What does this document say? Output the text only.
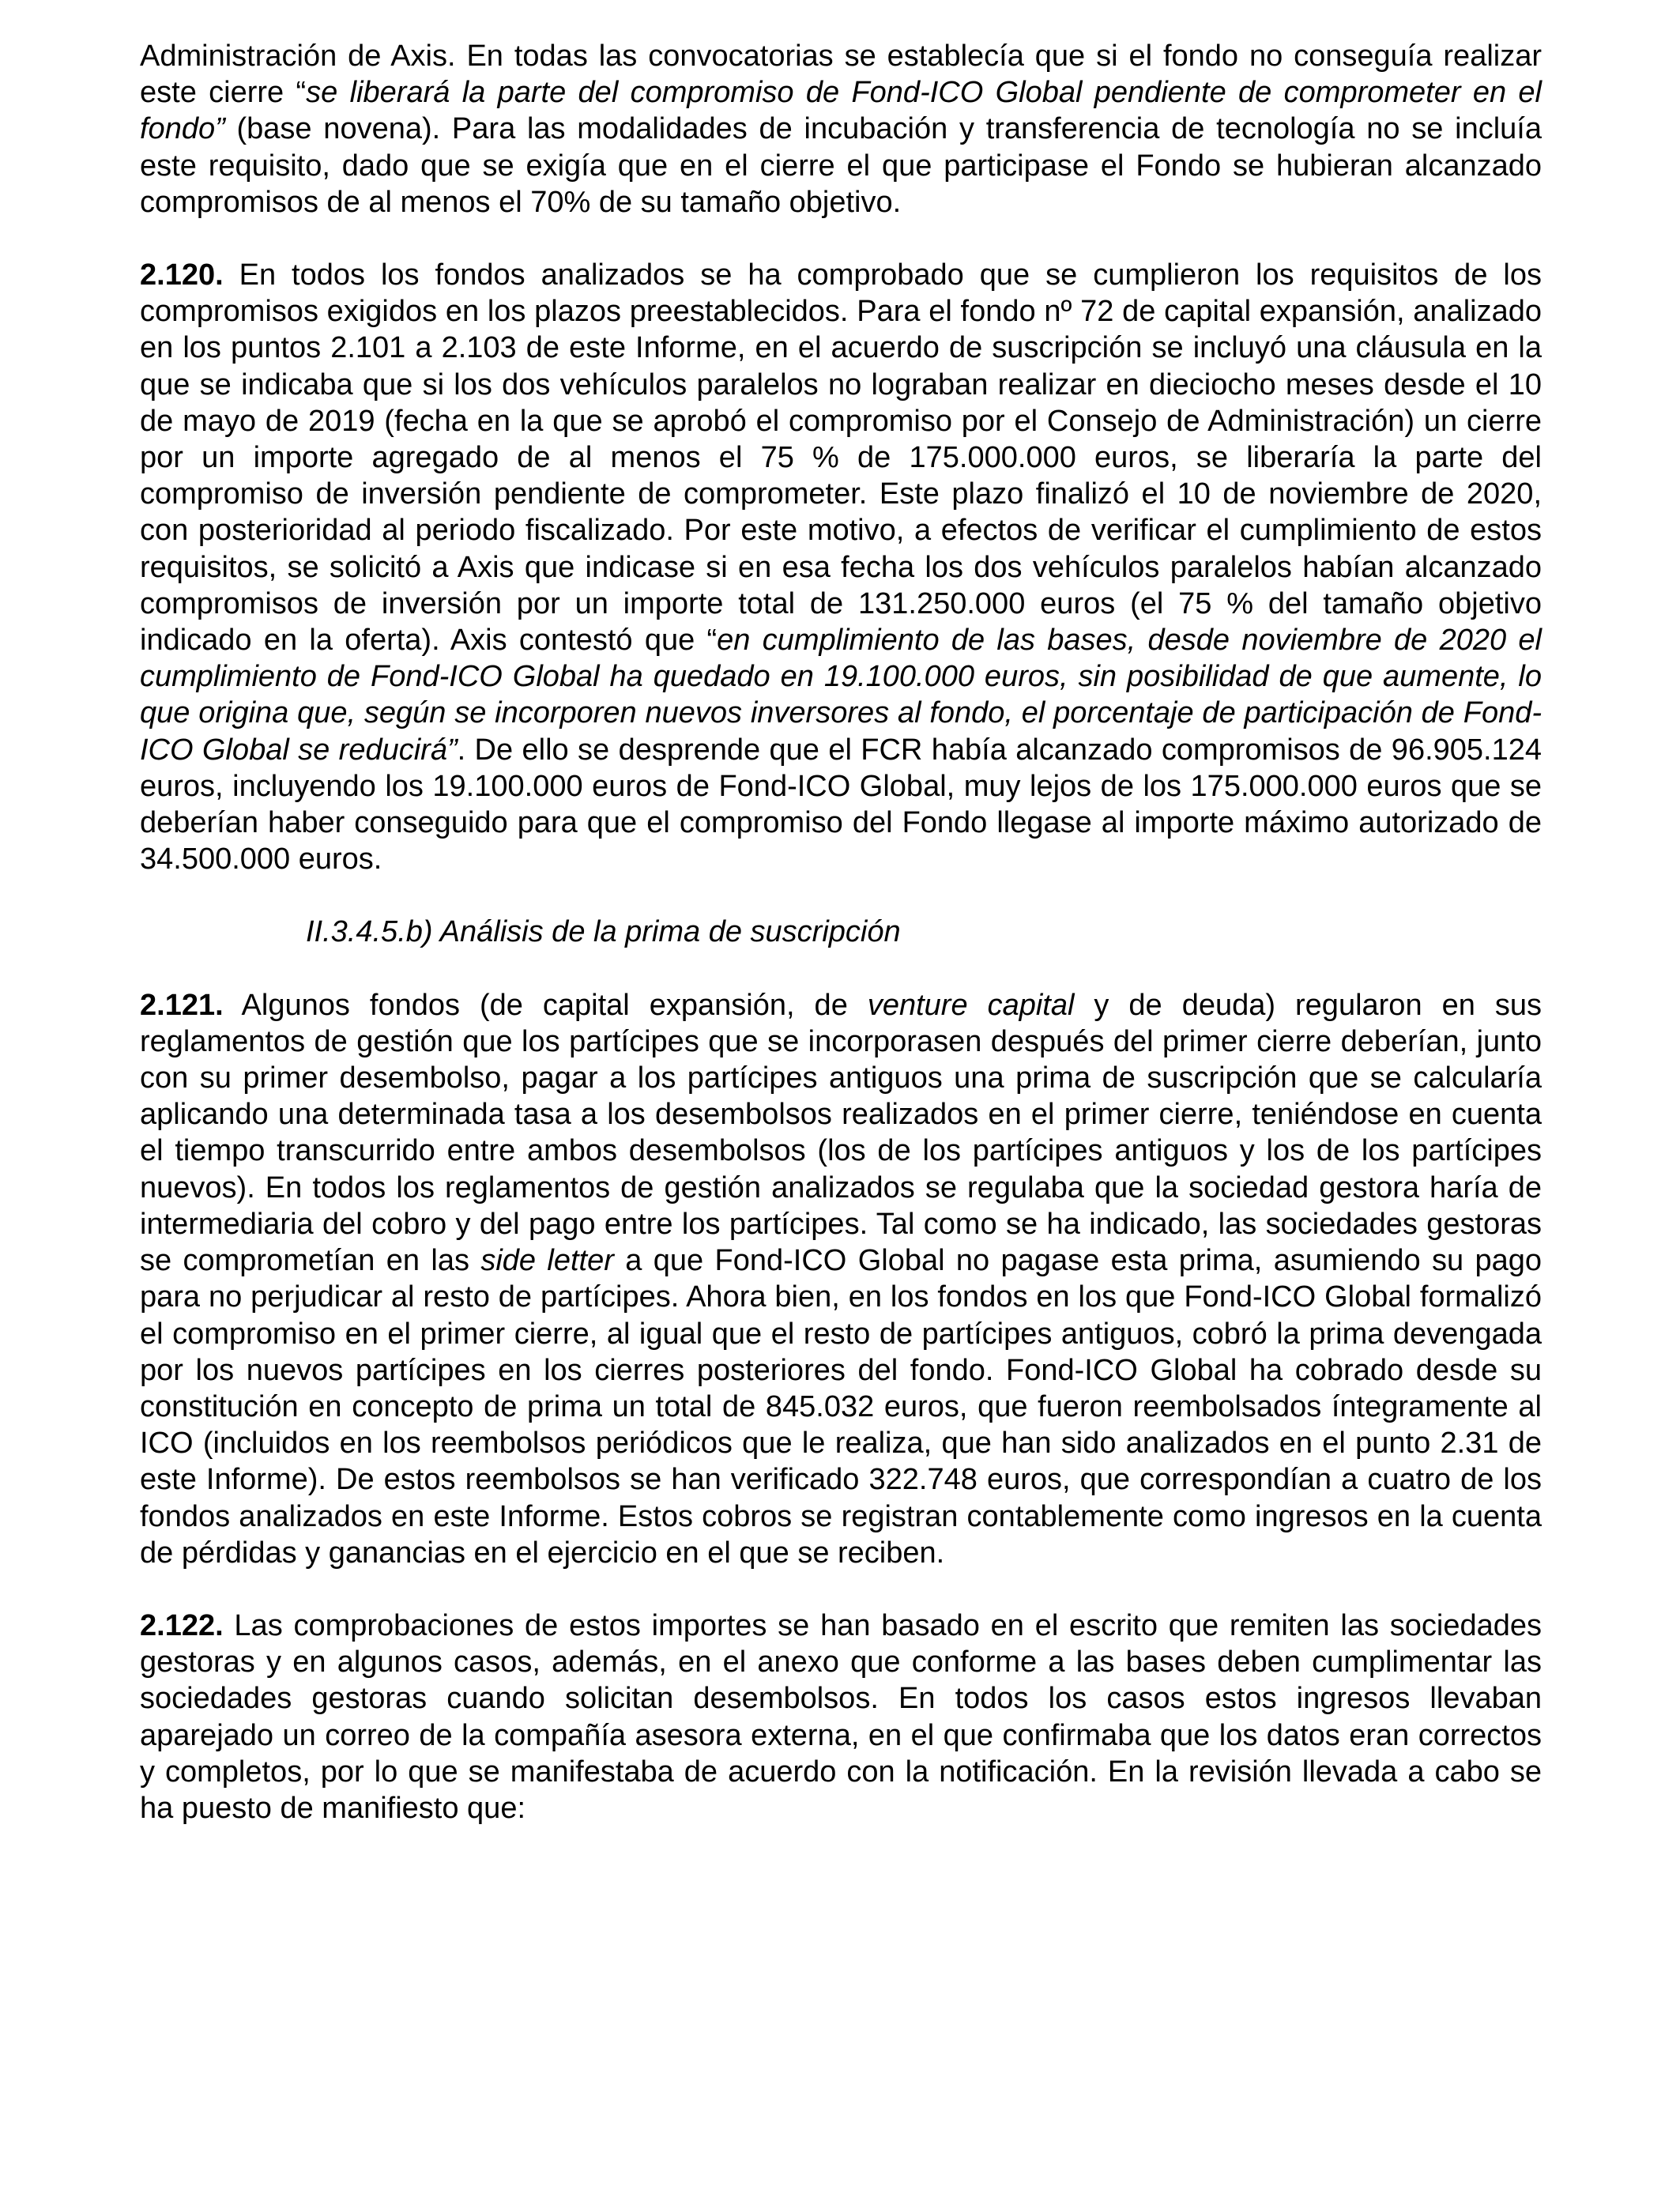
Administración de Axis. En todas las convocatorias se establecía que si el fondo no conseguía realizar este cierre “se liberará la parte del compromiso de Fond-ICO Global pendiente de comprometer en el fondo” (base novena). Para las modalidades de incubación y transferencia de tecnología no se incluía este requisito, dado que se exigía que en el cierre el que participase el Fondo se hubieran alcanzado compromisos de al menos el 70% de su tamaño objetivo.

2.120. En todos los fondos analizados se ha comprobado que se cumplieron los requisitos de los compromisos exigidos en los plazos preestablecidos. Para el fondo nº 72 de capital expansión, analizado en los puntos 2.101 a 2.103 de este Informe, en el acuerdo de suscripción se incluyó una cláusula en la que se indicaba que si los dos vehículos paralelos no lograban realizar en dieciocho meses desde el 10 de mayo de 2019 (fecha en la que se aprobó el compromiso por el Consejo de Administración) un cierre por un importe agregado de al menos el 75 % de 175.000.000 euros, se liberaría la parte del compromiso de inversión pendiente de comprometer. Este plazo finalizó el 10 de noviembre de 2020, con posterioridad al periodo fiscalizado. Por este motivo, a efectos de verificar el cumplimiento de estos requisitos, se solicitó a Axis que indicase si en esa fecha los dos vehículos paralelos habían alcanzado compromisos de inversión por un importe total de 131.250.000 euros (el 75 % del tamaño objetivo indicado en la oferta). Axis contestó que “en cumplimiento de las bases, desde noviembre de 2020 el cumplimiento de Fond-ICO Global ha quedado en 19.100.000 euros, sin posibilidad de que aumente, lo que origina que, según se incorporen nuevos inversores al fondo, el porcentaje de participación de Fond-ICO Global se reducirá”. De ello se desprende que el FCR había alcanzado compromisos de 96.905.124 euros, incluyendo los 19.100.000 euros de Fond-ICO Global, muy lejos de los 175.000.000 euros que se deberían haber conseguido para que el compromiso del Fondo llegase al importe máximo autorizado de 34.500.000 euros.

II.3.4.5.b) Análisis de la prima de suscripción

2.121. Algunos fondos (de capital expansión, de venture capital y de deuda) regularon en sus reglamentos de gestión que los partícipes que se incorporasen después del primer cierre deberían, junto con su primer desembolso, pagar a los partícipes antiguos una prima de suscripción que se calcularía aplicando una determinada tasa a los desembolsos realizados en el primer cierre, teniéndose en cuenta el tiempo transcurrido entre ambos desembolsos (los de los partícipes antiguos y los de los partícipes nuevos). En todos los reglamentos de gestión analizados se regulaba que la sociedad gestora haría de intermediaria del cobro y del pago entre los partícipes. Tal como se ha indicado, las sociedades gestoras se comprometían en las side letter a que Fond-ICO Global no pagase esta prima, asumiendo su pago para no perjudicar al resto de partícipes. Ahora bien, en los fondos en los que Fond-ICO Global formalizó el compromiso en el primer cierre, al igual que el resto de partícipes antiguos, cobró la prima devengada por los nuevos partícipes en los cierres posteriores del fondo. Fond-ICO Global ha cobrado desde su constitución en concepto de prima un total de 845.032 euros, que fueron reembolsados íntegramente al ICO (incluidos en los reembolsos periódicos que le realiza, que han sido analizados en el punto 2.31 de este Informe). De estos reembolsos se han verificado 322.748 euros, que correspondían a cuatro de los fondos analizados en este Informe. Estos cobros se registran contablemente como ingresos en la cuenta de pérdidas y ganancias en el ejercicio en el que se reciben.

2.122. Las comprobaciones de estos importes se han basado en el escrito que remiten las sociedades gestoras y en algunos casos, además, en el anexo que conforme a las bases deben cumplimentar las sociedades gestoras cuando solicitan desembolsos. En todos los casos estos ingresos llevaban aparejado un correo de la compañía asesora externa, en el que confirmaba que los datos eran correctos y completos, por lo que se manifestaba de acuerdo con la notificación. En la revisión llevada a cabo se ha puesto de manifiesto que:
